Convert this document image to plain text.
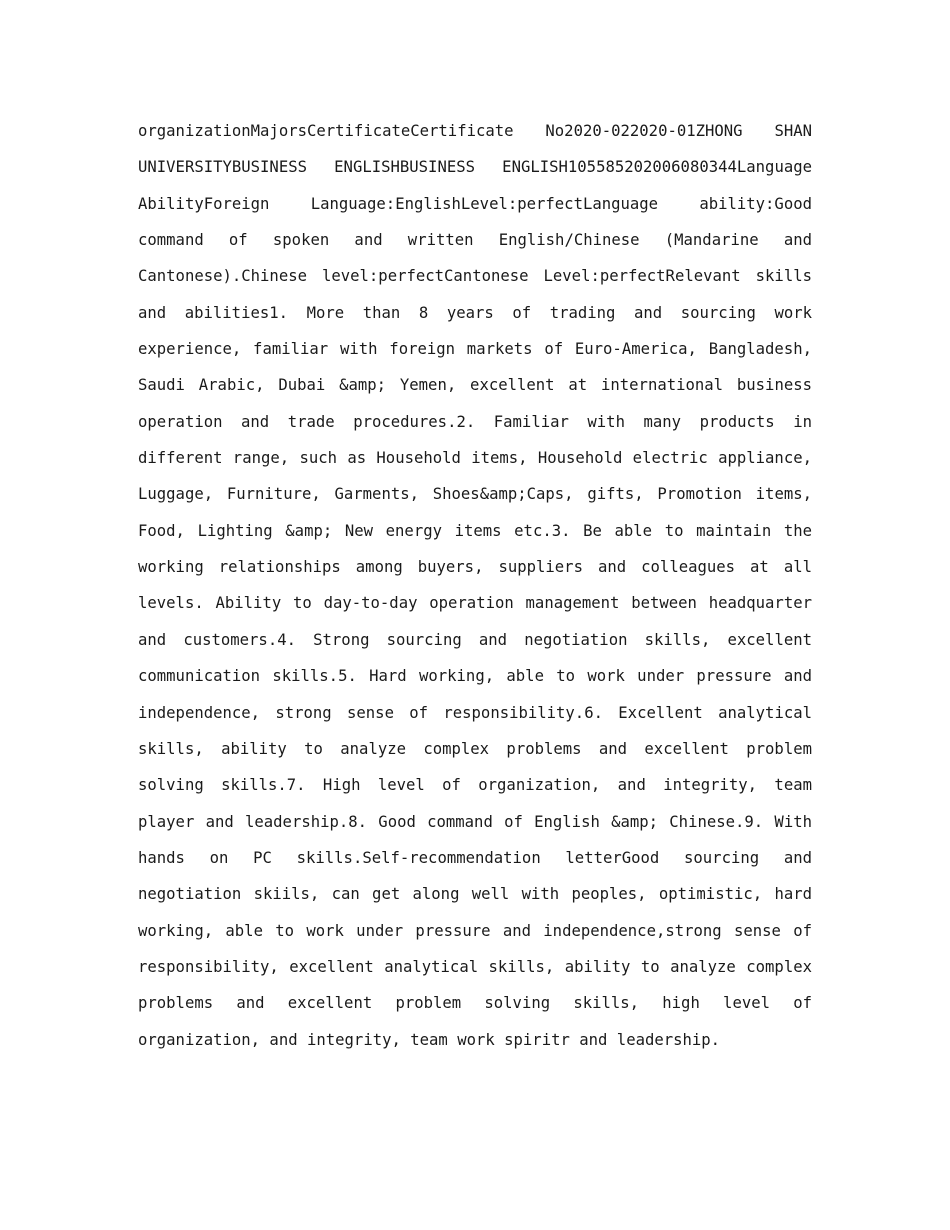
organizationMajorsCertificateCertificate No2020-022020-01ZHONG SHAN UNIVERSITYBUSINESS ENGLISHBUSINESS ENGLISH10558520200608034​4Language AbilityForeign Language:EnglishLevel:perfectLanguage ability:Good command of spoken and written English/Chinese (Mandarine and Cantonese).Chinese level:perfectCantonese Level:perfectRelevant skills and abilities1. More than 8 years of trading and sourcing work experience, familiar with foreign markets of Euro-America, Bangladesh, Saudi Arabic, Dubai &amp; Yemen, excellent at international business operation and trade procedures.2. Familiar with many products in different range, such as Household items, Household electric appliance, Luggage, Furniture, Garments, Shoes&amp;Caps, gifts, Promotion items, Food, Lighting &amp; New energy items etc.3. Be able to maintain the working relationships among buyers, suppliers and colleagues at all levels. Ability to day-to-day operation management between headquarter and customers.4. Strong sourcing and negotiation skills, excellent communication skills.5. Hard working, able to work under pressure and independence, strong sense of responsibility.6. Excellent analytical skills, ability to analyze complex problems and excellent problem solving skills.7. High level of organization, and integrity, team player and leadership.8. Good command of English &amp; Chinese.9. With hands on PC skills.Self-recommendation letterGood sourcing and negotiation skiils, can get along well with peoples, optimistic, hard working, able to work under pressure and independence,strong sense of responsibility, excellent analytical skills, ability to analyze complex problems and excellent problem solving skills, high level of organization, and integrity, team work spiritr and leadership.
